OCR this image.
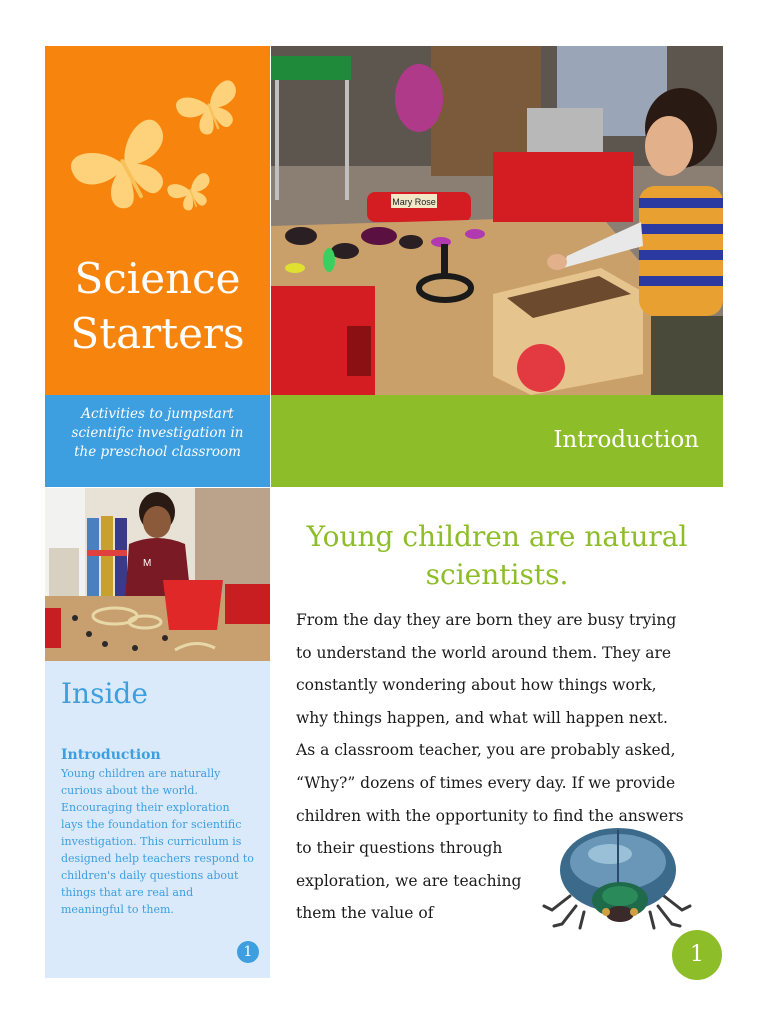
Science
Starters
Activities to jumpstart
scientific investigation in
the preschool classroom
Mary Rose
Introduction
M
Inside
Introduction
Young children are naturally curious about the world. Encouraging their exploration lays the foundation for scientific investigation. This curriculum is designed help teachers respond to children's daily questions about things that are real and meaningful to them.
1
Young children are natural
scientists.
From the day they are born they are busy trying
to understand the world around them. They are
constantly wondering about how things work,
why things happen, and what will happen next.
As a classroom teacher, you are probably asked,
“Why?” dozens of times every day. If we provide
children with the opportunity to find the answers
to their questions through
exploration, we are teaching
them the value of
1
